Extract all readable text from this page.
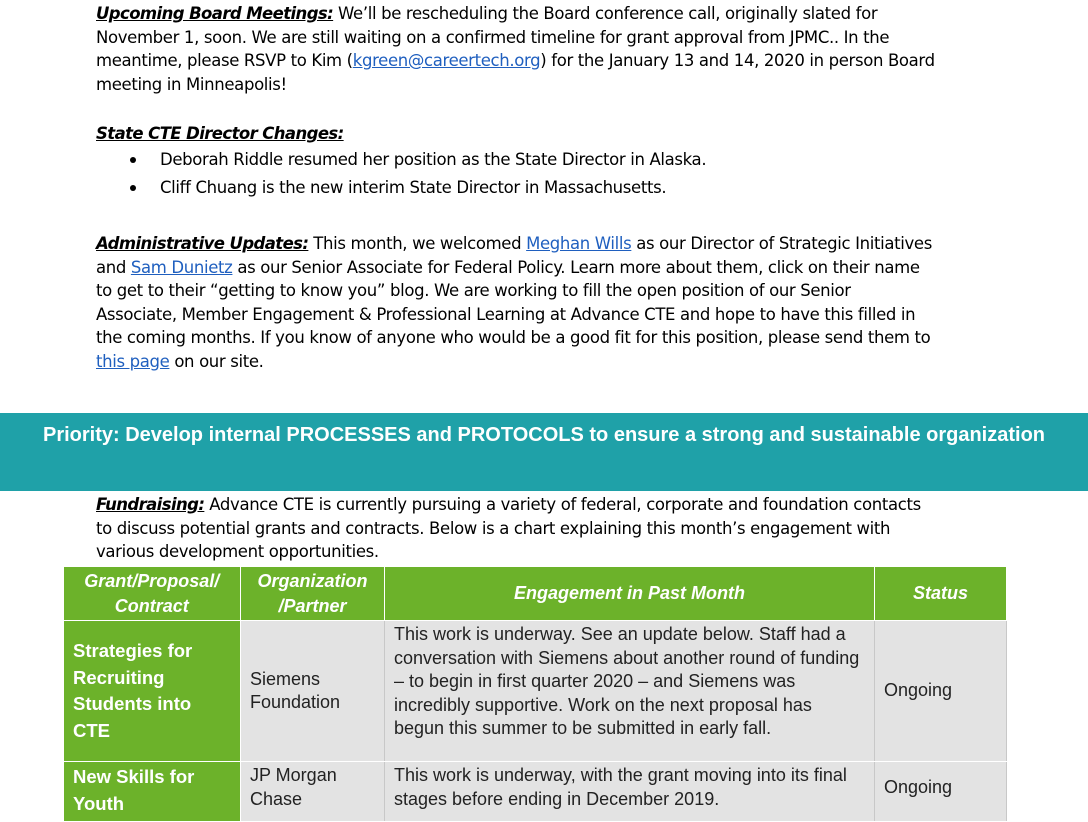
Upcoming Board Meetings: We’ll be rescheduling the Board conference call, originally slated for November 1, soon. We are still waiting on a confirmed timeline for grant approval from JPMC.. In the meantime, please RSVP to Kim (kgreen@careertech.org) for the January 13 and 14, 2020 in person Board meeting in Minneapolis!
State CTE Director Changes:
Deborah Riddle resumed her position as the State Director in Alaska.
Cliff Chuang is the new interim State Director in Massachusetts.
Administrative Updates: This month, we welcomed Meghan Wills as our Director of Strategic Initiatives and Sam Dunietz as our Senior Associate for Federal Policy. Learn more about them, click on their name to get to their “getting to know you” blog. We are working to fill the open position of our Senior Associate, Member Engagement & Professional Learning at Advance CTE and hope to have this filled in the coming months. If you know of anyone who would be a good fit for this position, please send them to this page on our site.
Priority: Develop internal PROCESSES and PROTOCOLS to ensure a strong and sustainable organization
Fundraising: Advance CTE is currently pursuing a variety of federal, corporate and foundation contacts to discuss potential grants and contracts. Below is a chart explaining this month’s engagement with various development opportunities.
Grant/Proposal/ Contract	Organization /Partner	Engagement in Past Month	Status
Strategies for Recruiting Students into CTE	Siemens Foundation	This work is underway. See an update below. Staff had a conversation with Siemens about another round of funding – to begin in first quarter 2020 – and Siemens was incredibly supportive. Work on the next proposal has begun this summer to be submitted in early fall.	Ongoing
New Skills for Youth	JP Morgan Chase	This work is underway, with the grant moving into its final stages before ending in December 2019.	Ongoing
